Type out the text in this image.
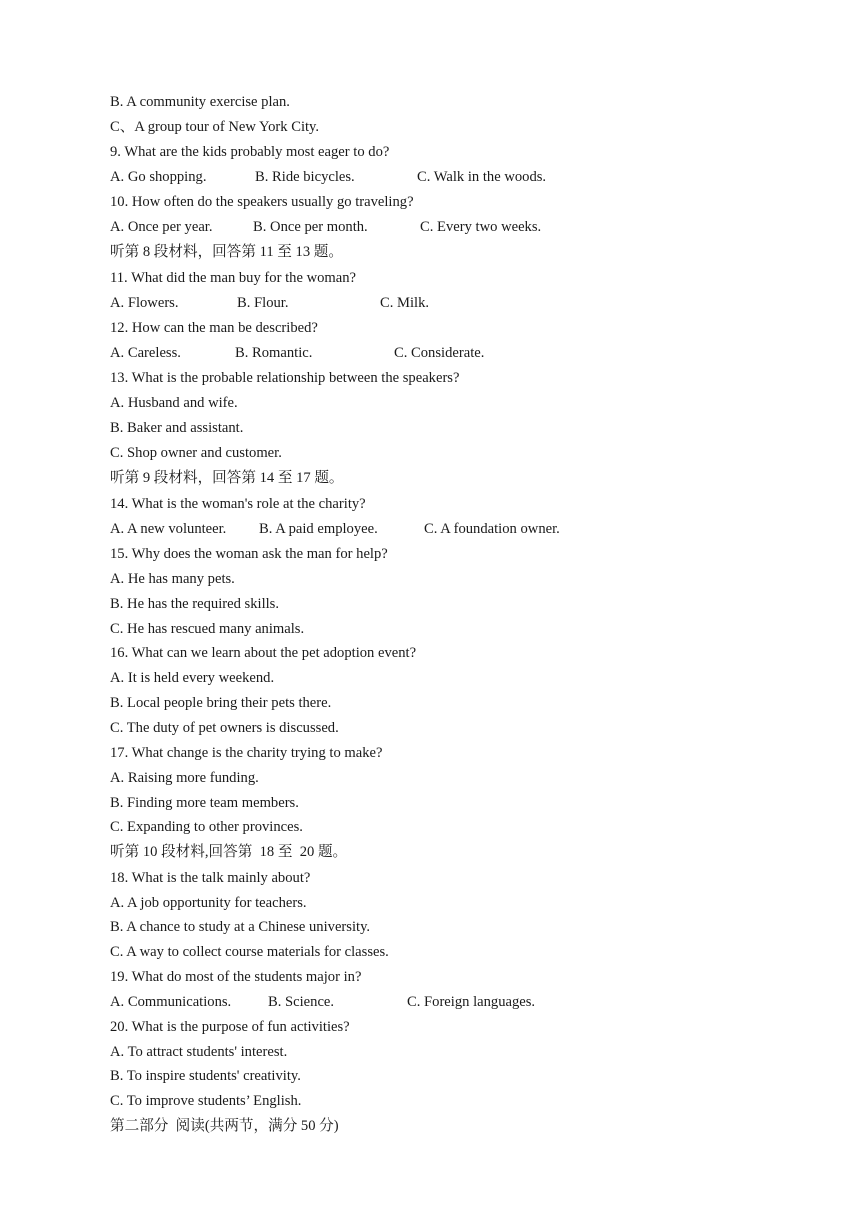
B. A community exercise plan.
C、A group tour of New York City.
9. What are the kids probably most eager to do?

A. Go shopping.

	B. Ride bicycles.

	C. Walk in the woods.

10. How often do the speakers usually go traveling?

A. Once per year.

	B. Once per month.

	C. Every two weeks.

听第 8 段材料，回答第 11 至 13 题。
11. What did the man buy for the woman?

A. Flowers.

	B. Flour.

	C. Milk.

12. How can the man be described?

A. Careless.

	B. Romantic.

	C. Considerate.

13. What is the probable relationship between the speakers?
A. Husband and wife.
B. Baker and assistant.
C. Shop owner and customer.
听第 9 段材料，回答第 14 至 17 题。
14. What is the woman's role at the charity?

A. A new volunteer.

B. A paid employee.

	C. A foundation owner.

15. Why does the woman ask the man for help?
A. He has many pets.
B. He has the required skills.
C. He has rescued many animals.
16. What can we learn about the pet adoption event?
A. It is held every weekend.
B. Local people bring their pets there.
C. The duty of pet owners is discussed.
17. What change is the charity trying to make?
A. Raising more funding.
B. Finding more team members.
C. Expanding to other provinces.
听第 10 段材料,回答第  18 至  20 题。
18. What is the talk mainly about?
A. A job opportunity for teachers.
B. A chance to study at a Chinese university.
C. A way to collect course materials for classes.
19. What do most of the students major in?

A. Communications.

	B. Science.

	C. Foreign languages.

20. What is the purpose of fun activities?
A. To attract students' interest.
B. To inspire students' creativity.
C. To improve students’ English.
第二部分  阅读(共两节，满分 50 分)
